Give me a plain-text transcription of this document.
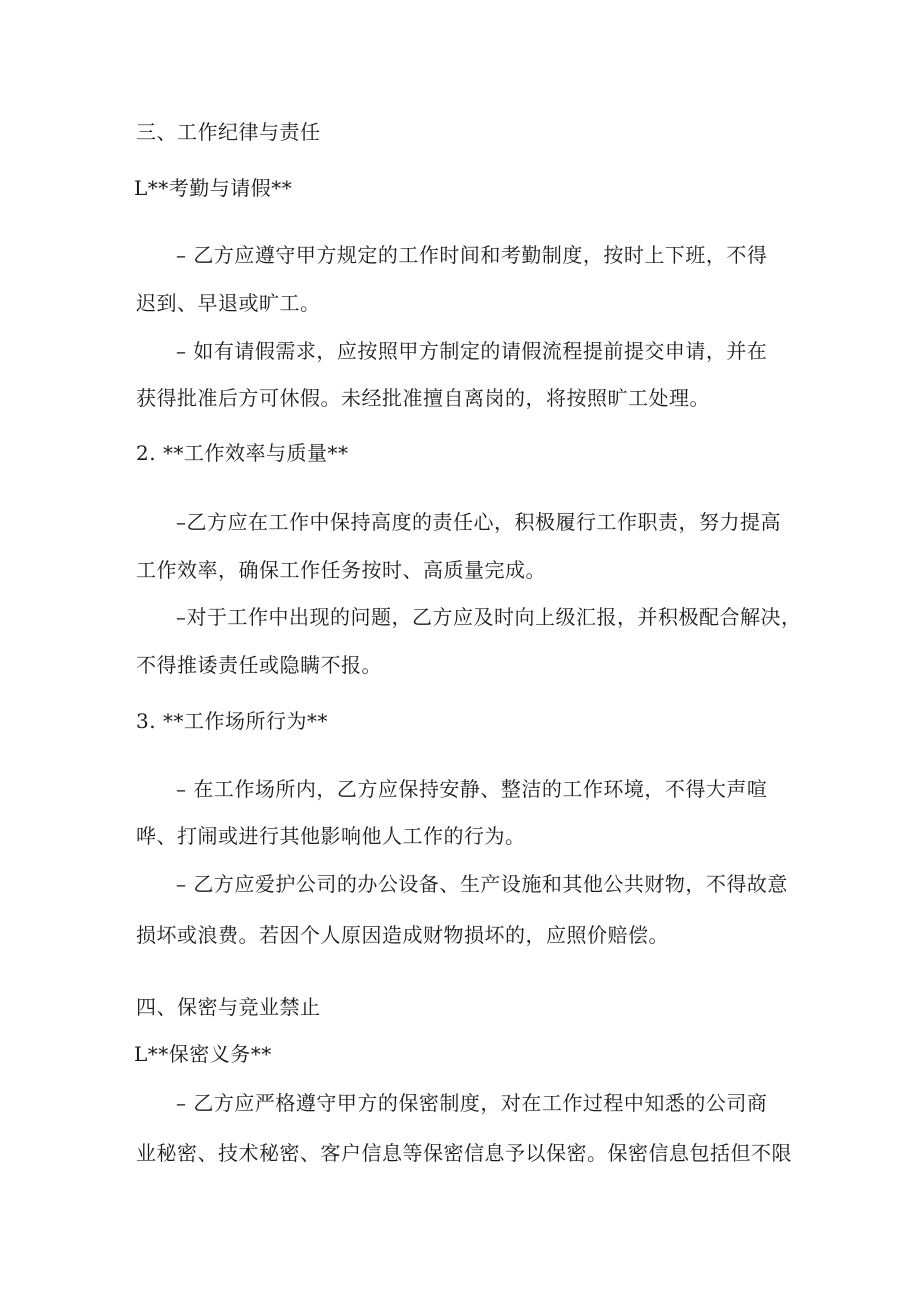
三、工作纪律与责任
L**考勤与请假**
– 乙方应遵守甲方规定的工作时间和考勤制度，按时上下班，不得
迟到、早退或旷工。
– 如有请假需求，应按照甲方制定的请假流程提前提交申请，并在
获得批准后方可休假。未经批准擅自离岗的，将按照旷工处理。
2. **工作效率与质量**
–乙方应在工作中保持高度的责任心，积极履行工作职责，努力提高
工作效率，确保工作任务按时、高质量完成。
–对于工作中出现的问题，乙方应及时向上级汇报，并积极配合解决，
不得推诿责任或隐瞒不报。
3. **工作场所行为**
– 在工作场所内，乙方应保持安静、整洁的工作环境，不得大声喧
哗、打闹或进行其他影响他人工作的行为。
– 乙方应爱护公司的办公设备、生产设施和其他公共财物，不得故意
损坏或浪费。若因个人原因造成财物损坏的，应照价赔偿。
四、保密与竞业禁止
L**保密义务**
– 乙方应严格遵守甲方的保密制度，对在工作过程中知悉的公司商
业秘密、技术秘密、客户信息等保密信息予以保密。保密信息包括但不限
